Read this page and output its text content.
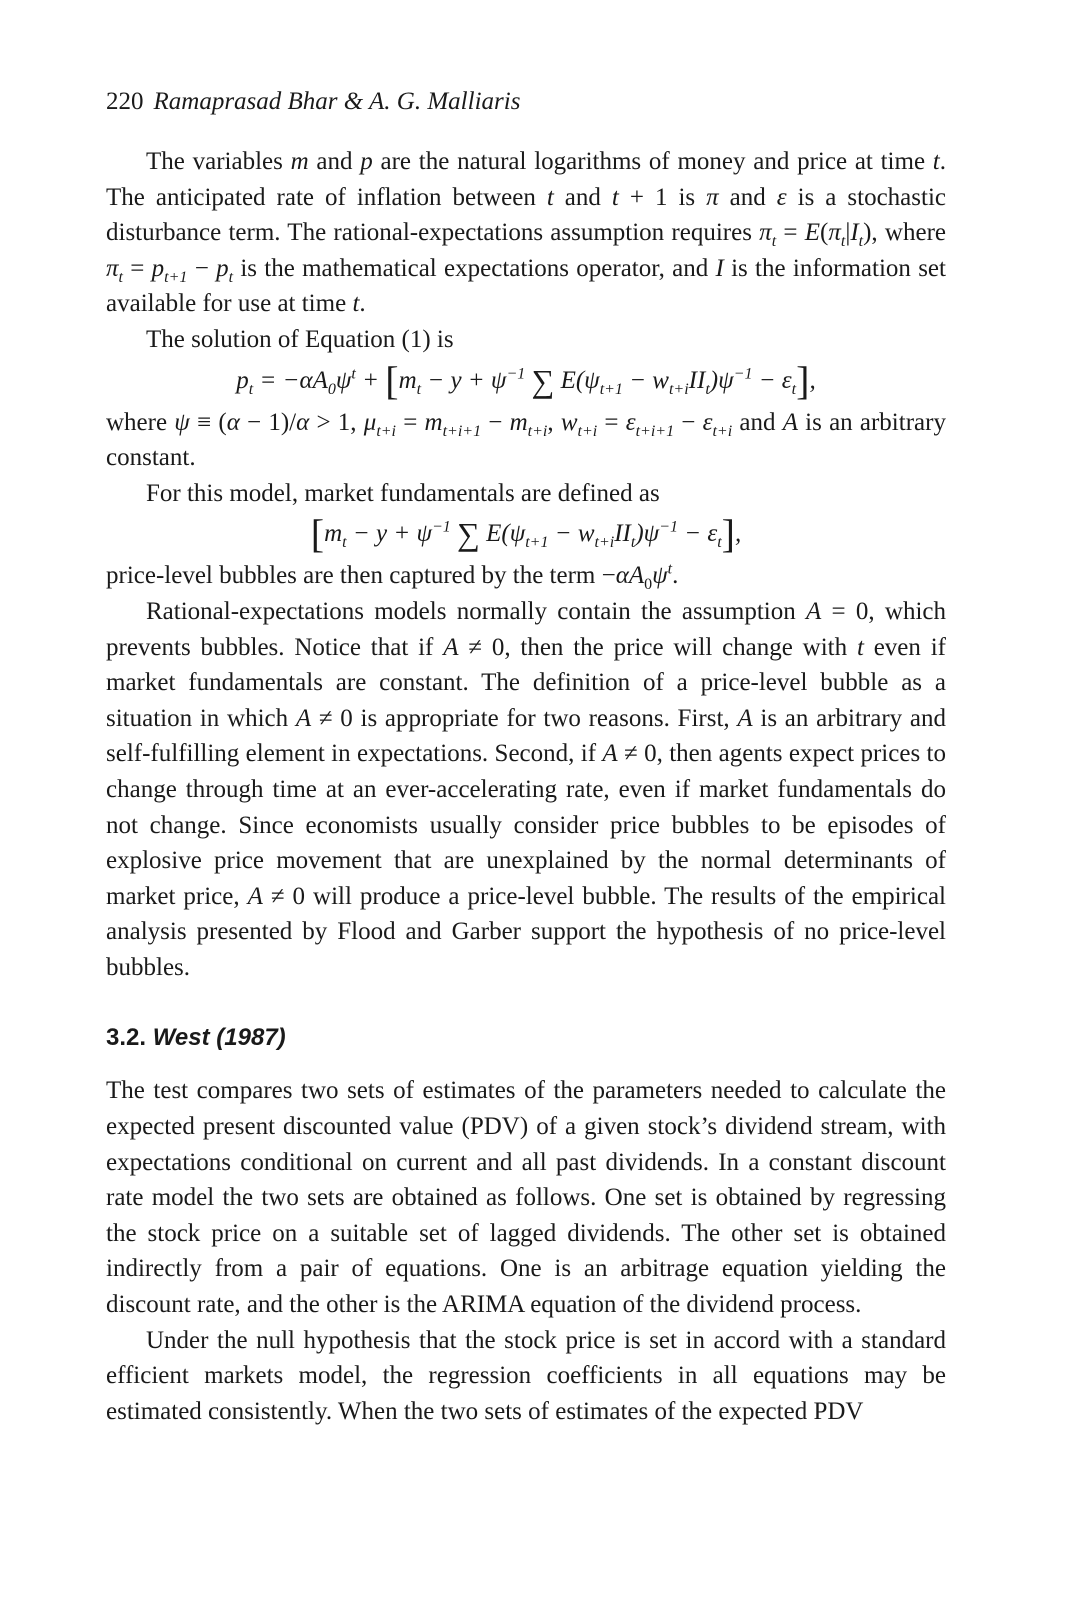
220 Ramaprasad Bhar & A. G. Malliaris

The variables m and p are the natural logarithms of money and price at time t. The anticipated rate of inflation between t and t + 1 is π and ε is a stochastic disturbance term. The rational-expectations assumption requires $\pi_t = E(\pi_t|I_t)$, where $\pi_t = p_{t+1} - p_t$ is the mathematical expectations operator, and I is the information set available for use at time t.

The solution of Equation (1) is

$p_t = -\alpha A_0\psi^t + [m_t - y + \psi^{-1}$ ∑ $E(\psi_{t+1} - w_{t+i}II_t)\psi^{-1} - \varepsilon_t$],

where ψ ≡ (α − 1)/α > 1, $\mu_{t+i} = m_{t+i+1} - m_{t+i}$, $w_{t+i} = \varepsilon_{t+i+1} - \varepsilon_{t+i}$ and A is an arbitrary constant.

For this model, market fundamentals are defined as

[$m_t - y + \psi^{-1}$ ∑ $E(\psi_{t+1} - w_{t+i}II_t)\psi^{-1} - \varepsilon_t$],

price-level bubbles are then captured by the term $-\alpha A_0\psi^t$.

Rational-expectations models normally contain the assumption A = 0, which prevents bubbles. Notice that if A ≠ 0, then the price will change with t even if market fundamentals are constant. The definition of a price-level bubble as a situation in which A ≠ 0 is appropriate for two reasons. First, A is an arbitrary and self-fulfilling element in expectations. Second, if A ≠ 0, then agents expect prices to change through time at an ever-accelerating rate, even if market fundamentals do not change. Since economists usually consider price bubbles to be episodes of explosive price movement that are unexplained by the normal determinants of market price, A ≠ 0 will produce a price-level bubble. The results of the empirical analysis presented by Flood and Garber support the hypothesis of no price-level bubbles.

3.2. West (1987)

The test compares two sets of estimates of the parameters needed to calculate the expected present discounted value (PDV) of a given stock’s dividend stream, with expectations conditional on current and all past dividends. In a constant discount rate model the two sets are obtained as follows. One set is obtained by regressing the stock price on a suitable set of lagged dividends. The other set is obtained indirectly from a pair of equations. One is an arbitrage equation yielding the discount rate, and the other is the ARIMA equation of the dividend process.

Under the null hypothesis that the stock price is set in accord with a standard efficient markets model, the regression coefficients in all equations may be estimated consistently. When the two sets of estimates of the expected PDV
